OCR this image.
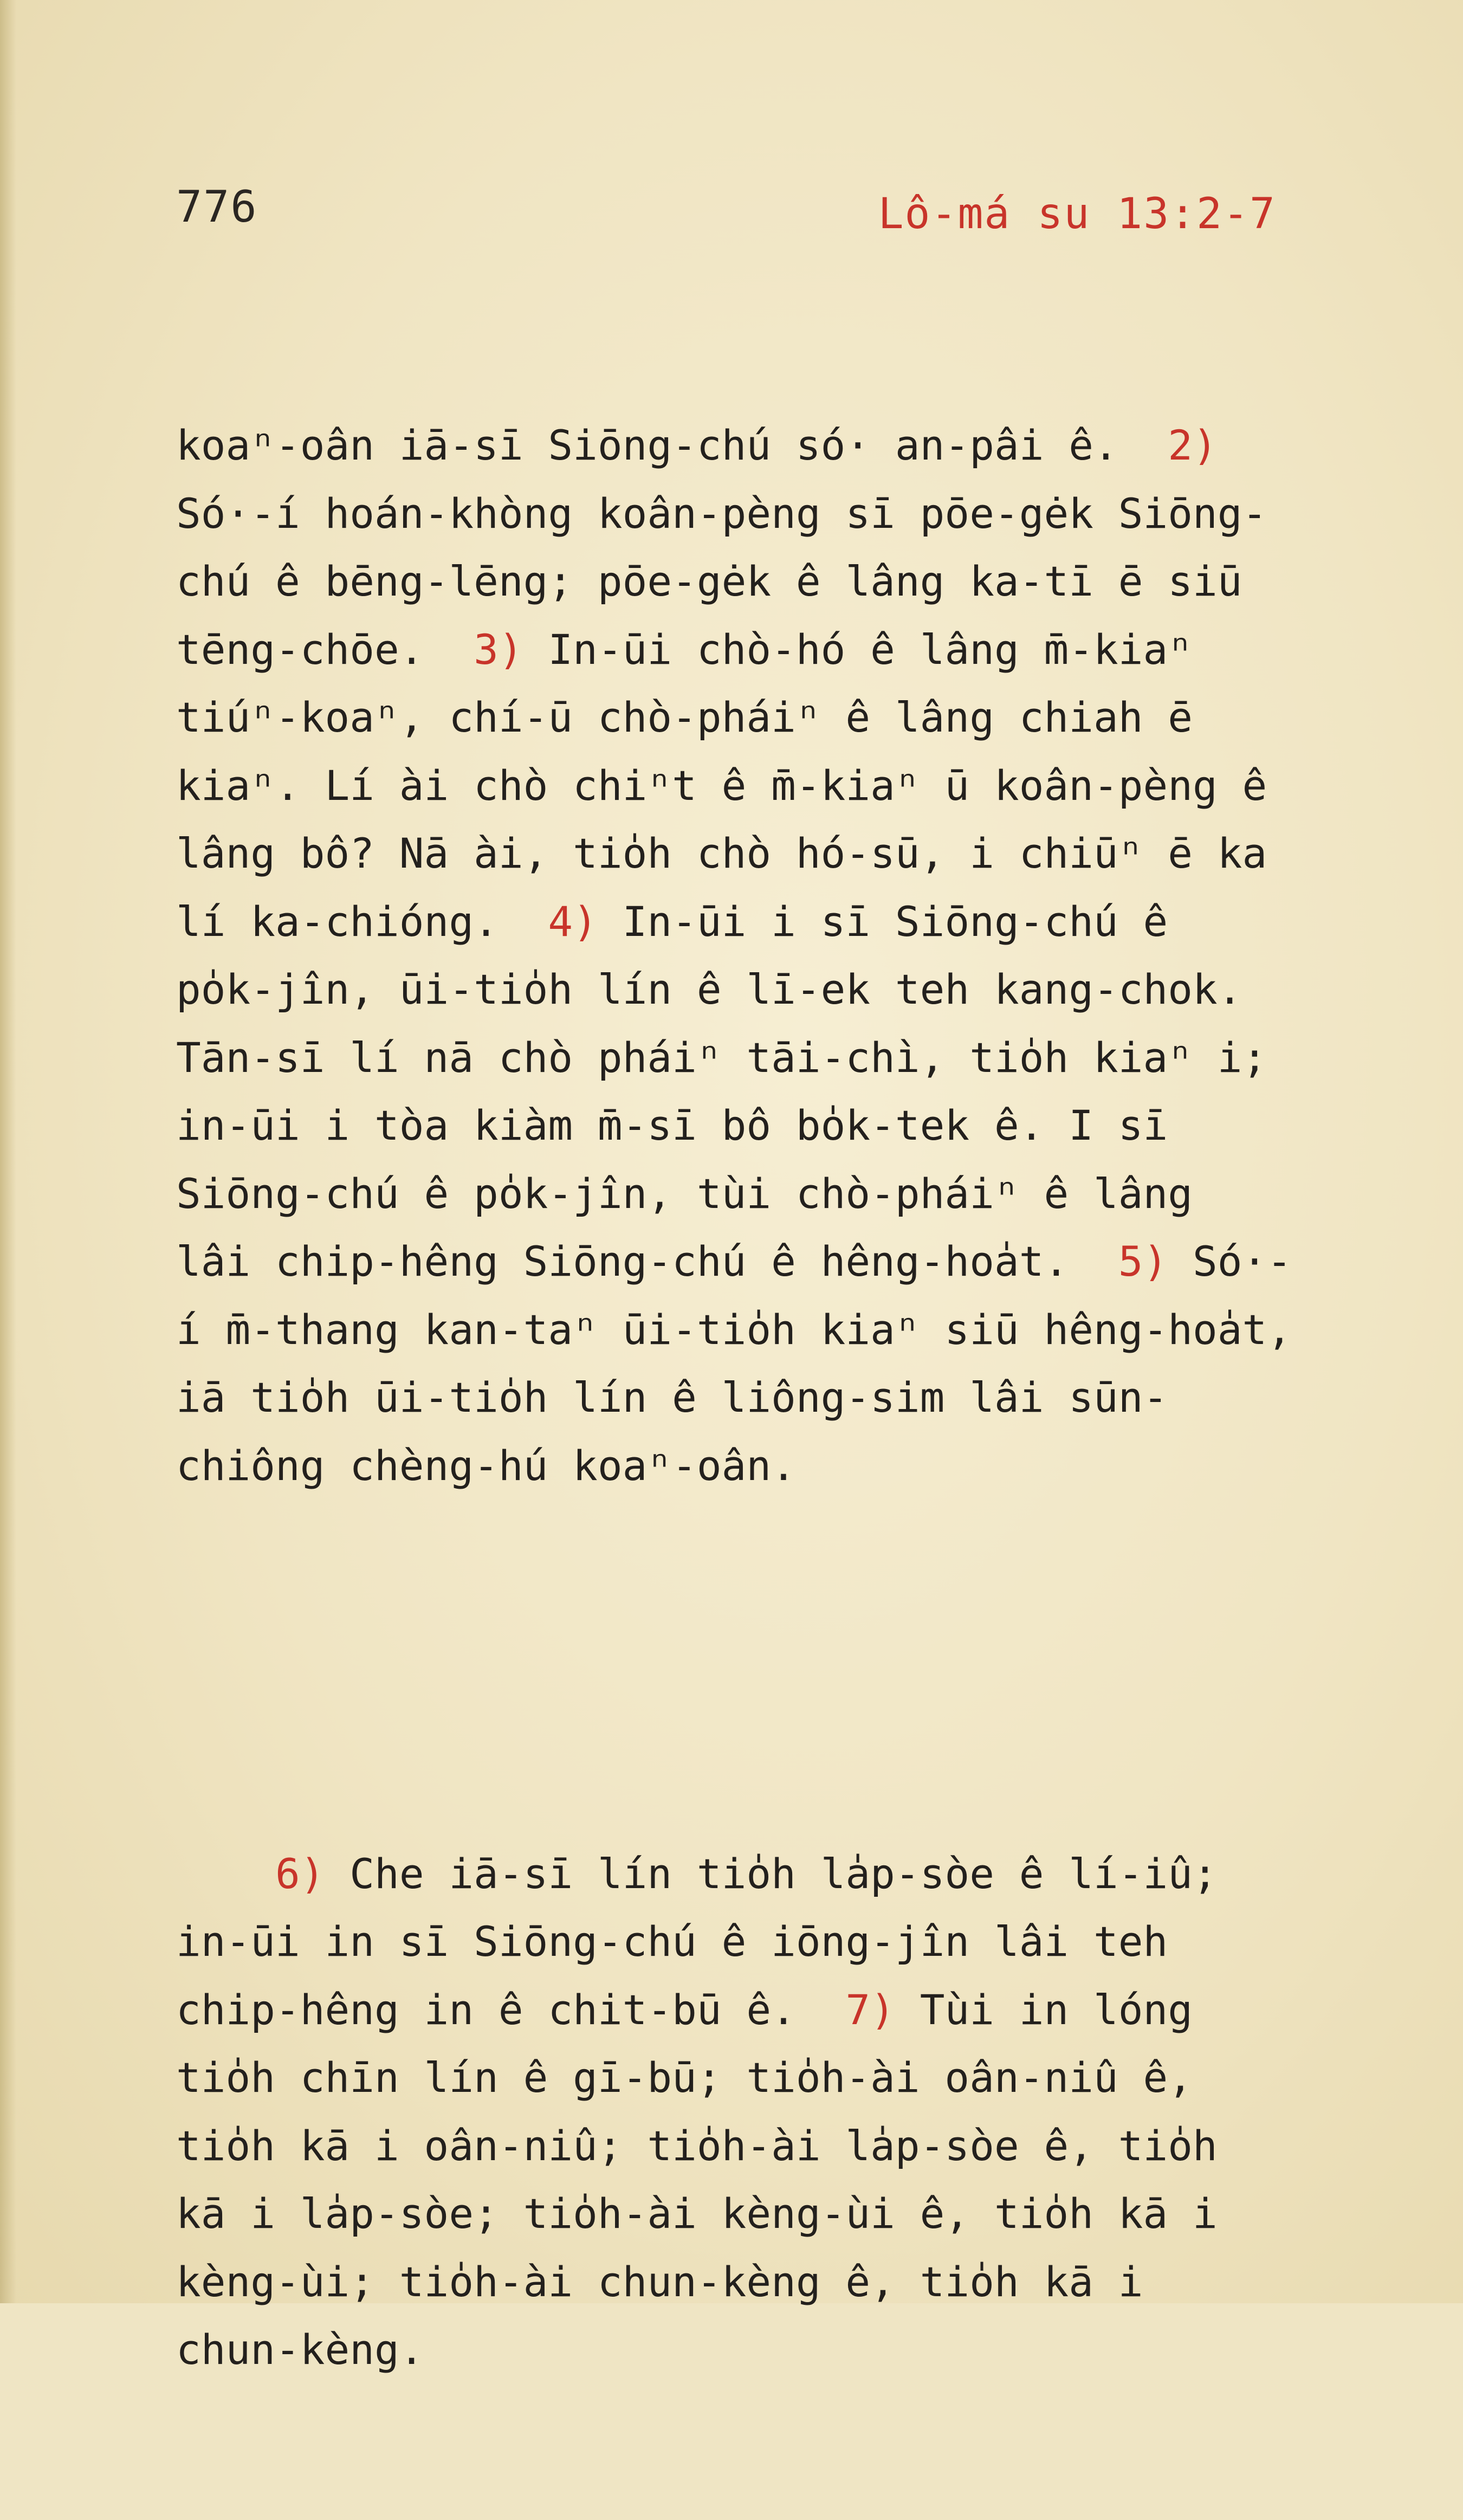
776	Lô-má su 13:2-7

koaⁿ-oân iā-sī Siōng-chú só· an-pâi ê.  2)
Só·-í hoán-khòng koân-pèng sī pōe-gėk Siōng-
chú ê bēng-lēng; pōe-gėk ê lâng ka-tī ē siū
tēng-chōe.  3) In-ūi chò-hó ê lâng m̄-kiaⁿ
tiúⁿ-koaⁿ, chí-ū chò-pháiⁿ ê lâng chiah ē
kiaⁿ. Lí ài chò chiⁿt ê m̄-kiaⁿ ū koân-pèng ê
lâng bô? Nā ài, tio̍h chò hó-sū, i chiūⁿ ē ka
lí ka-chióng.  4) In-ūi i sī Siōng-chú ê
po̍k-jîn, ūi-tio̍h lín ê lī-ek teh kang-chok.
Tān-sī lí nā chò pháiⁿ tāi-chì, tio̍h kiaⁿ i;
in-ūi i tòa kiàm m̄-sī bô bo̍k-tek ê. I sī
Siōng-chú ê po̍k-jîn, tùi chò-pháiⁿ ê lâng
lâi chip-hêng Siōng-chú ê hêng-hoa̍t.  5) Só·-
í m̄-thang kan-taⁿ ūi-tio̍h kiaⁿ siū hêng-hoa̍t,
iā tio̍h ūi-tio̍h lín ê liông-sim lâi sūn-
chiông chèng-hú koaⁿ-oân.

6) Che iā-sī lín tio̍h la̍p-sòe ê lí-iû;
in-ūi in sī Siōng-chú ê iōng-jîn lâi teh
chip-hêng in ê chit-bū ê.  7) Tùi in lóng
tio̍h chīn lín ê gī-bū; tio̍h-ài oân-niû ê,
tio̍h kā i oân-niû; tio̍h-ài la̍p-sòe ê, tio̍h
kā i la̍p-sòe; tio̍h-ài kèng-ùi ê, tio̍h kā i
kèng-ùi; tio̍h-ài chun-kèng ê, tio̍h kā i
chun-kèng.
